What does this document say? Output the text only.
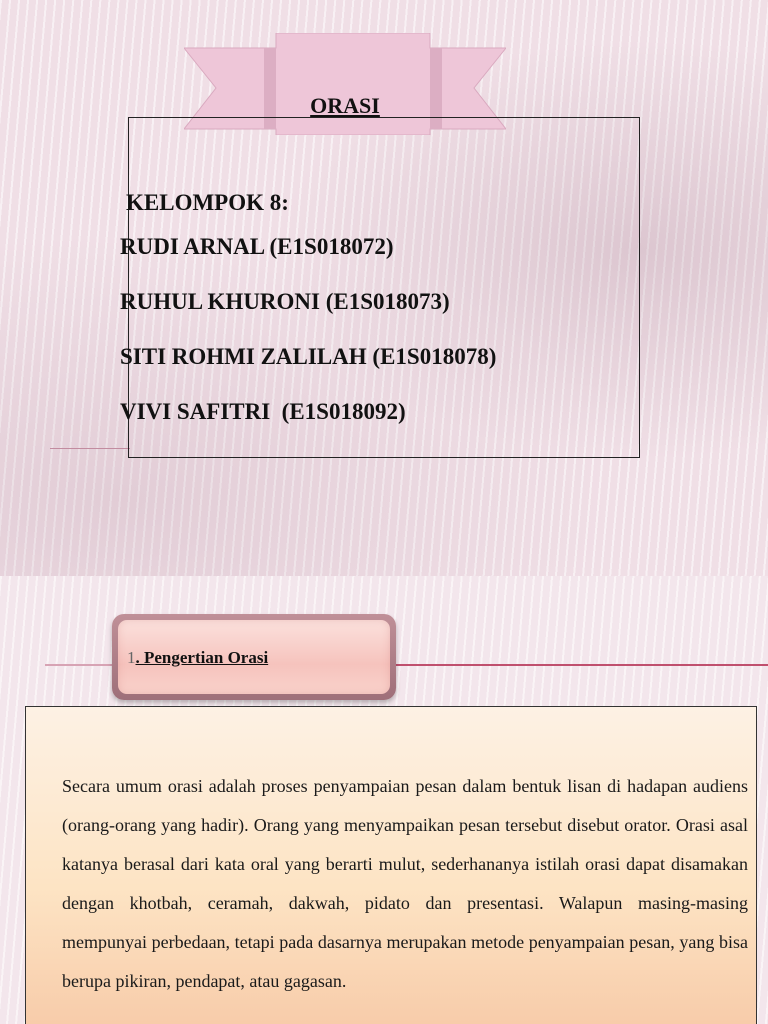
ORASI
KELOMPOK 8:
RUDI ARNAL (E1S018072)
RUHUL KHURONI (E1S018073)
SITI ROHMI ZALILAH (E1S018078)
VIVI SAFITRI  (E1S018092)
1. Pengertian Orasi
Secara umum orasi adalah proses penyampaian pesan dalam bentuk lisan di hadapan audiens (orang-orang yang hadir). Orang yang menyampaikan pesan tersebut disebut orator. Orasi asal katanya berasal dari kata oral yang berarti mulut, sederhananya istilah orasi dapat disamakan dengan khotbah, ceramah, dakwah, pidato dan presentasi. Walapun masing-masing mempunyai perbedaan, tetapi pada dasarnya merupakan metode penyampaian pesan, yang bisa berupa pikiran, pendapat, atau gagasan.
